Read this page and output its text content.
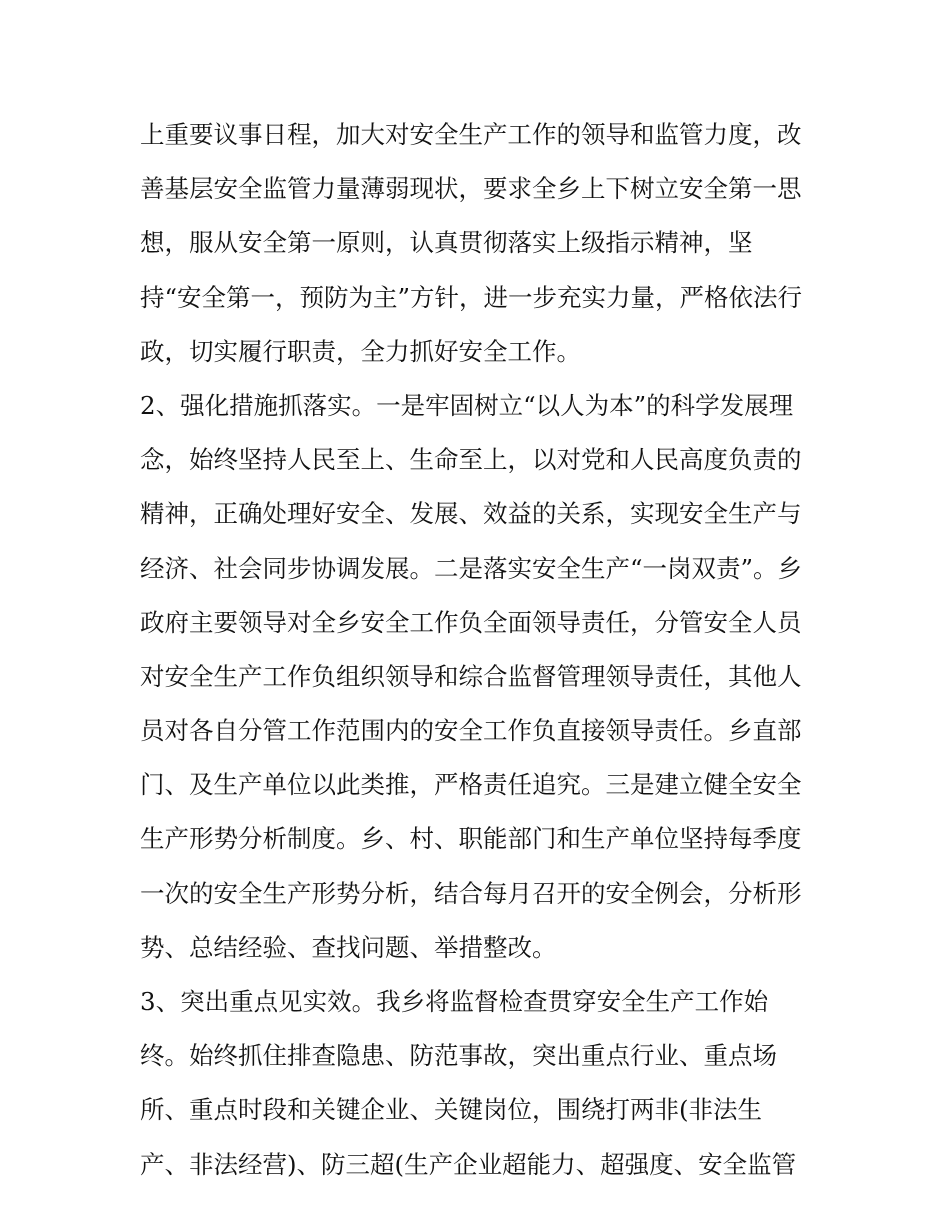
上重要议事日程，加大对安全生产工作的领导和监管力度，改
善基层安全监管力量薄弱现状，要求全乡上下树立安全第一思
想，服从安全第一原则，认真贯彻落实上级指示精神，坚
持“安全第一，预防为主”方针，进一步充实力量，严格依法行
政，切实履行职责，全力抓好安全工作。
2、强化措施抓落实。一是牢固树立“以人为本”的科学发展理
念，始终坚持人民至上、生命至上，以对党和人民高度负责的
精神，正确处理好安全、发展、效益的关系，实现安全生产与
经济、社会同步协调发展。二是落实安全生产“一岗双责”。乡
政府主要领导对全乡安全工作负全面领导责任，分管安全人员
对安全生产工作负组织领导和综合监督管理领导责任，其他人
员对各自分管工作范围内的安全工作负直接领导责任。乡直部
门、及生产单位以此类推，严格责任追究。三是建立健全安全
生产形势分析制度。乡、村、职能部门和生产单位坚持每季度
一次的安全生产形势分析，结合每月召开的安全例会，分析形
势、总结经验、查找问题、举措整改。
3、突出重点见实效。我乡将监督检查贯穿安全生产工作始
终。始终抓住排查隐患、防范事故，突出重点行业、重点场
所、重点时段和关键企业、关键岗位，围绕打两非(非法生
产、非法经营)、防三超(生产企业超能力、超强度、安全监管
